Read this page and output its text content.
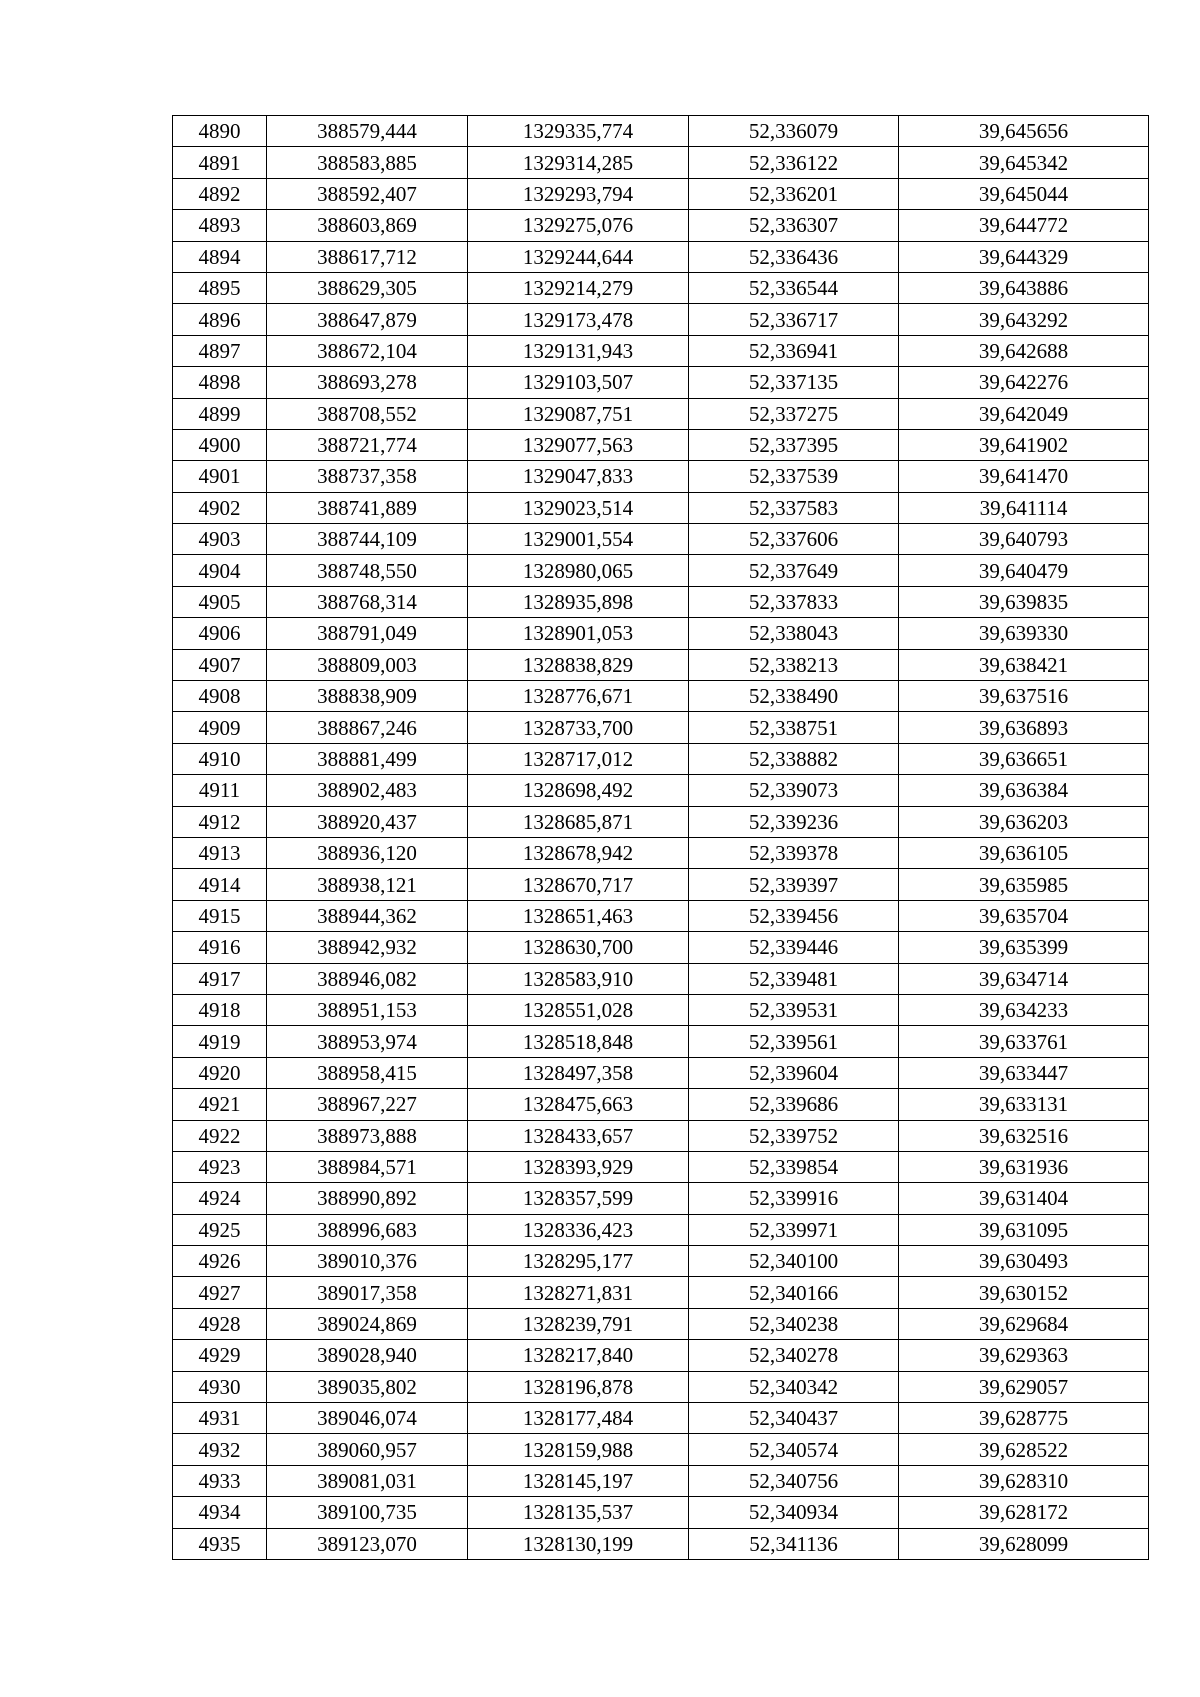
4890	388579,444	1329335,774	52,336079	39,645656
4891	388583,885	1329314,285	52,336122	39,645342
4892	388592,407	1329293,794	52,336201	39,645044
4893	388603,869	1329275,076	52,336307	39,644772
4894	388617,712	1329244,644	52,336436	39,644329
4895	388629,305	1329214,279	52,336544	39,643886
4896	388647,879	1329173,478	52,336717	39,643292
4897	388672,104	1329131,943	52,336941	39,642688
4898	388693,278	1329103,507	52,337135	39,642276
4899	388708,552	1329087,751	52,337275	39,642049
4900	388721,774	1329077,563	52,337395	39,641902
4901	388737,358	1329047,833	52,337539	39,641470
4902	388741,889	1329023,514	52,337583	39,641114
4903	388744,109	1329001,554	52,337606	39,640793
4904	388748,550	1328980,065	52,337649	39,640479
4905	388768,314	1328935,898	52,337833	39,639835
4906	388791,049	1328901,053	52,338043	39,639330
4907	388809,003	1328838,829	52,338213	39,638421
4908	388838,909	1328776,671	52,338490	39,637516
4909	388867,246	1328733,700	52,338751	39,636893
4910	388881,499	1328717,012	52,338882	39,636651
4911	388902,483	1328698,492	52,339073	39,636384
4912	388920,437	1328685,871	52,339236	39,636203
4913	388936,120	1328678,942	52,339378	39,636105
4914	388938,121	1328670,717	52,339397	39,635985
4915	388944,362	1328651,463	52,339456	39,635704
4916	388942,932	1328630,700	52,339446	39,635399
4917	388946,082	1328583,910	52,339481	39,634714
4918	388951,153	1328551,028	52,339531	39,634233
4919	388953,974	1328518,848	52,339561	39,633761
4920	388958,415	1328497,358	52,339604	39,633447
4921	388967,227	1328475,663	52,339686	39,633131
4922	388973,888	1328433,657	52,339752	39,632516
4923	388984,571	1328393,929	52,339854	39,631936
4924	388990,892	1328357,599	52,339916	39,631404
4925	388996,683	1328336,423	52,339971	39,631095
4926	389010,376	1328295,177	52,340100	39,630493
4927	389017,358	1328271,831	52,340166	39,630152
4928	389024,869	1328239,791	52,340238	39,629684
4929	389028,940	1328217,840	52,340278	39,629363
4930	389035,802	1328196,878	52,340342	39,629057
4931	389046,074	1328177,484	52,340437	39,628775
4932	389060,957	1328159,988	52,340574	39,628522
4933	389081,031	1328145,197	52,340756	39,628310
4934	389100,735	1328135,537	52,340934	39,628172
4935	389123,070	1328130,199	52,341136	39,628099
